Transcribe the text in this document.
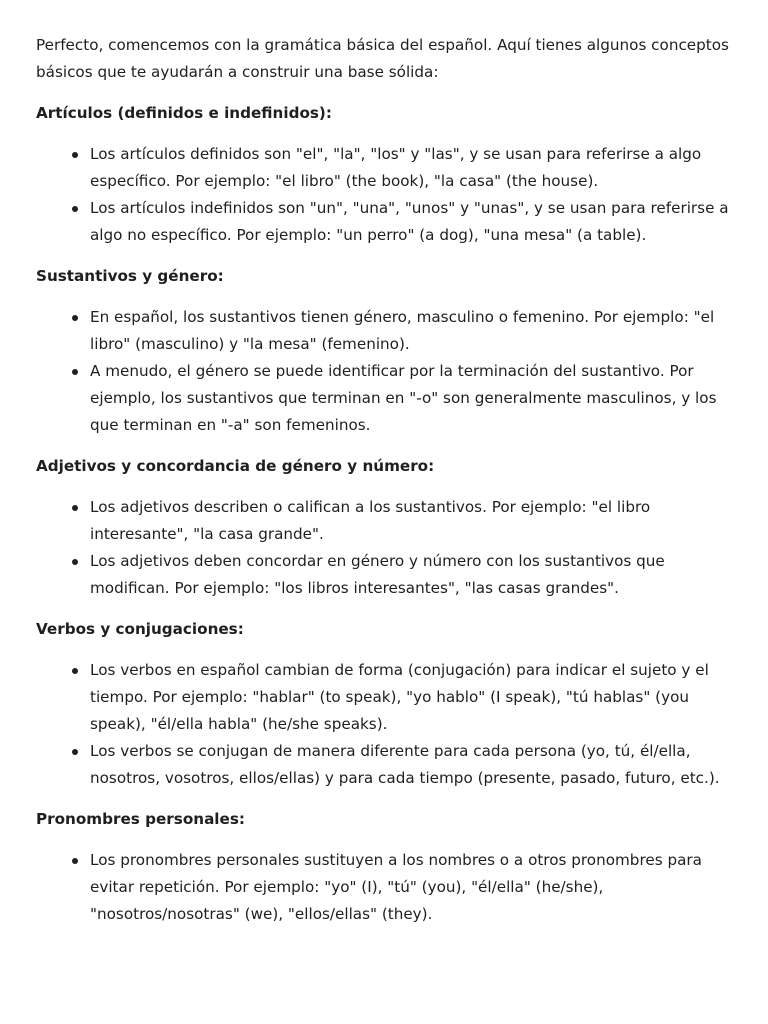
Perfecto, comencemos con la gramática básica del español. Aquí tienes algunos conceptos básicos que te ayudarán a construir una base sólida:

Artículos (definidos e indefinidos):
Los artículos definidos son "el", "la", "los" y "las", y se usan para referirse a algo específico. Por ejemplo: "el libro" (the book), "la casa" (the house).
Los artículos indefinidos son "un", "una", "unos" y "unas", y se usan para referirse a algo no específico. Por ejemplo: "un perro" (a dog), "una mesa" (a table).
Sustantivos y género:
En español, los sustantivos tienen género, masculino o femenino. Por ejemplo: "el libro" (masculino) y "la mesa" (femenino).
A menudo, el género se puede identificar por la terminación del sustantivo. Por ejemplo, los sustantivos que terminan en "-o" son generalmente masculinos, y los que terminan en "-a" son femeninos.
Adjetivos y concordancia de género y número:
Los adjetivos describen o califican a los sustantivos. Por ejemplo: "el libro interesante", "la casa grande".
Los adjetivos deben concordar en género y número con los sustantivos que modifican. Por ejemplo: "los libros interesantes", "las casas grandes".
Verbos y conjugaciones:
Los verbos en español cambian de forma (conjugación) para indicar el sujeto y el tiempo. Por ejemplo: "hablar" (to speak), "yo hablo" (I speak), "tú hablas" (you speak), "él/ella habla" (he/she speaks).
Los verbos se conjugan de manera diferente para cada persona (yo, tú, él/ella, nosotros, vosotros, ellos/ellas) y para cada tiempo (presente, pasado, futuro, etc.).
Pronombres personales:
Los pronombres personales sustituyen a los nombres o a otros pronombres para evitar repetición. Por ejemplo: "yo" (I), "tú" (you), "él/ella" (he/she), "nosotros/nosotras" (we), "ellos/ellas" (they).
